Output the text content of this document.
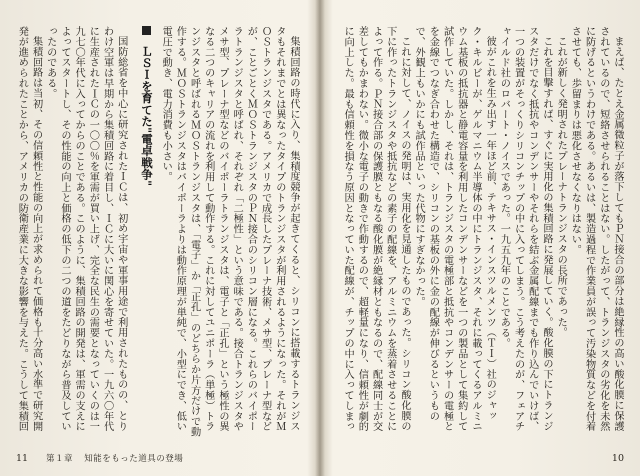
集積回路の時代に入り、集積度競争が起きてくると、シリコンに搭載するトランジスタもそれまでとは異なったタイプのトランジスタが利用されるようになった。それがＭＯＳトランジスタである。アメリカで成長したプレーナ技術、メサ型、プレーナ型などが、ことごとくＭＯＳトランジスタのＰＮ接合のシリコン層になる。これらのバイポーラトランジスタと呼ばれ、それぞれ「二極性」という意味である。接合トランジスタやメサ型、プレーナ型などのバイポーラトランジスタは、電子と「正孔」という極性の異なる二つのキャリアの流れを利用して動作する。これに対してユニポーラ（単極）トランジスタと呼ばれるＭＯＳトランジスタは、「電子」か「正孔」のどちらか片方だけで動作する。ＭＯＳトランジスタはバイポーラよりは動作原理が単純で、小型にでき、低い電圧で動き、電力消費も小さい。

ＬＳＩを育てた"電卓戦争"

国防総省を中心に研究されたＩＣは、初め宇宙や軍事用途で利用されたものの、とりわけ空軍は早期から集積回路に着目し、ＩＣに大いに関心を寄せていた。一九六〇年代に生産されたＩＣの一〇〇％を軍需が買い上げ、完全な民生の需要となっていくのは一九七〇年代に入ってからのことである。このように、集積回路の開発は、軍需の支えによってスタートし、その性能の向上と価格の低下の二つの道をたどりながら普及していったのである。

集積回路は当初、その信頼性と性能の向上が求められて価格も十分高い水準で研究開発が進められたことから、アメリカの防衛産業に大きな影響を与えた。こうして集積回

11 第１章 知能をもった道具の登場

まえば、たとえ金属微粒子が落下してもＰＮ接合の部分は絶縁性の高い酸化膜に保護されているので、短絡させられることはない。したがって、トランジスタの劣化を未然に防げるというわけである。あるいは、製造過程で作業員が誤って汚染物質などを付着させても、歩留まりは悪化させなくなりはない。

これが新しく発明されたプレーナトランジスタの長所であった。

これを目撃すれば、すぐに実用化の集積回路に発展していく。酸化膜の下にトランジスタだけでなく抵抗やコンデンサーやそれらを結ぶ金属配線までも作り込んでいけば、一つの装置がそっくりシリコンチップの中に入ってしまう。こう考えたのが、フェアチャイルド社のロバート・ノイスであった。一九五九年のことである。

彼がこれを生み出す一年ほど前、テキサス・インスツルメンツ（ＴＩ）社のジャック・キルビーが、ゲルマニウム半導体の中にトランジスタ、それに載ってくるアルミニウム基板の抵抗器と静電容量を利用したコンデンサーなどを一つの製品として集約して試作していた。しかし、それは、トランジスタの電極部と抵抗やコンデンサーの電極とを金線でつなぎ合わせた構造で、シリコンの基板の外に金の配線が伸びるというもので、外観上もいかにも試作品といった代物にすぎなかった。

これに対して、ノイスの発明は、実用化を見通したものであった。シリコン酸化膜の下に作ったトランジスタや抵抗などの素子の配線を、アルミニウムを蒸着させることによって作る。ＰＮ接合部の保護膜ともなる酸化膜が絶縁材ともなるので、配線同士が交差してもかまわない。微小な電子の動きで作動するので、超軽量になり、信頼性が劇的に向上した。最も信頼性を損なう原因となっていた配線が、チップの中に入ってしまっ

10
